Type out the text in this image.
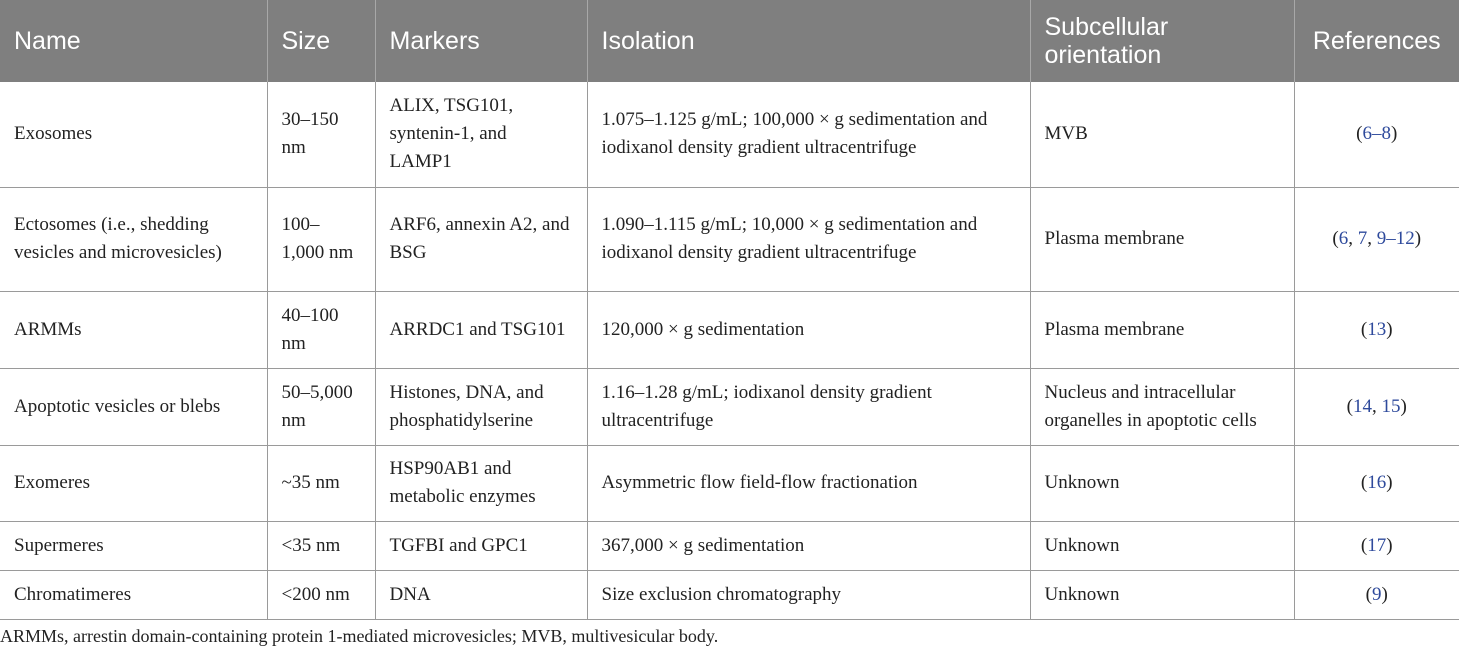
Name	Size	Markers	Isolation	Subcellular orientation	References
Exosomes	30–150 nm	ALIX, TSG101, syntenin-1, and LAMP1	1.075–1.125 g/mL; 100,000 × g sedimentation and iodixanol density gradient ultracentrifuge	MVB	(6–8)
Ectosomes (i.e., shedding vesicles and microvesicles)	100–1,000 nm	ARF6, annexin A2, and BSG	1.090–1.115 g/mL; 10,000 × g sedimentation and iodixanol density gradient ultracentrifuge	Plasma membrane	(6, 7, 9–12)
ARMMs	40–100 nm	ARRDC1 and TSG101	120,000 × g sedimentation	Plasma membrane	(13)
Apoptotic vesicles or blebs	50–5,000 nm	Histones, DNA, and phosphatidylserine	1.16–1.28 g/mL; iodixanol density gradient ultracentrifuge	Nucleus and intracellular organelles in apoptotic cells	(14, 15)
Exomeres	~35 nm	HSP90AB1 and metabolic enzymes	Asymmetric flow field-flow fractionation	Unknown	(16)
Supermeres	<35 nm	TGFBI and GPC1	367,000 × g sedimentation	Unknown	(17)
Chromatimeres	<200 nm	DNA	Size exclusion chromatography	Unknown	(9)
ARMMs, arrestin domain-containing protein 1-mediated microvesicles; MVB, multivesicular body.
